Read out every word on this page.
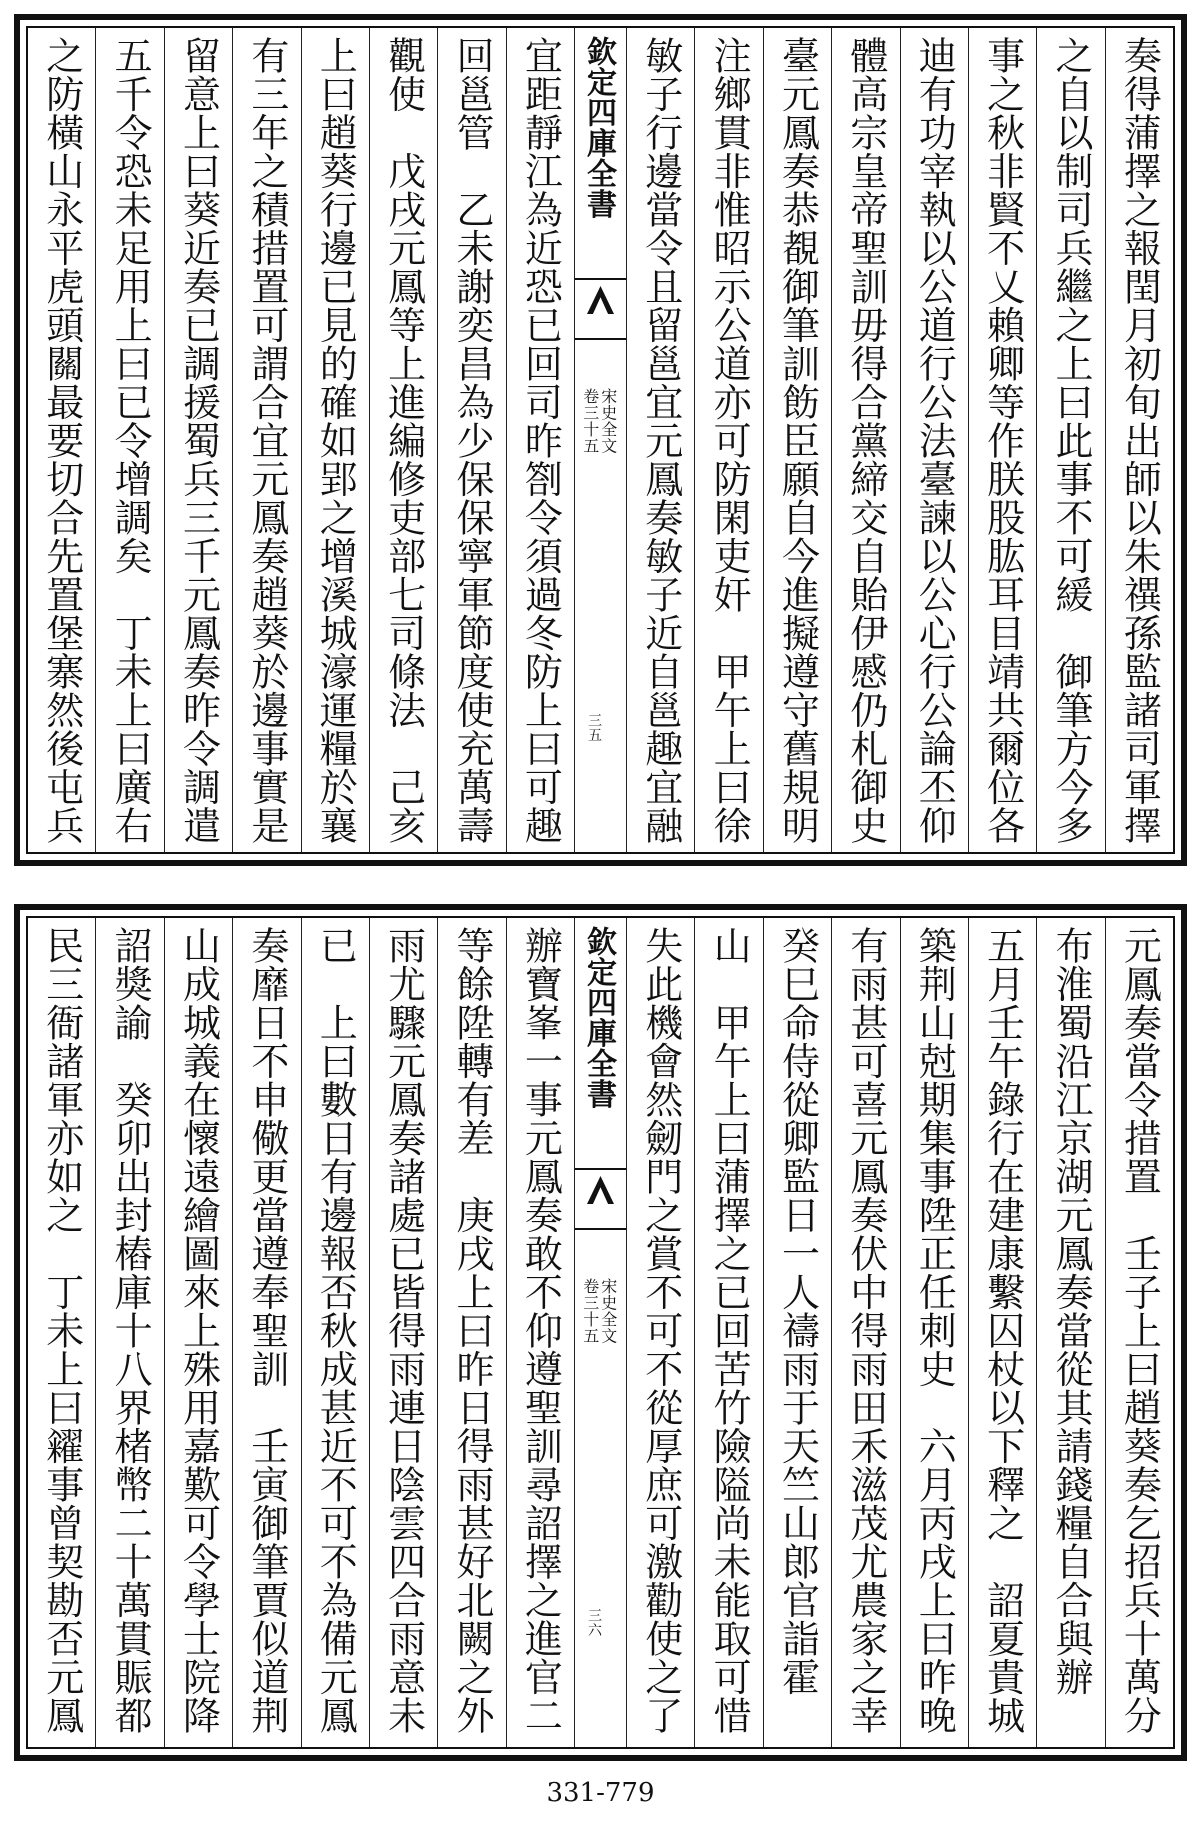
奏得蒲擇之報閏月初旬出師以朱禩孫監諸司軍擇
之自以制司兵繼之上曰此事不可緩　御筆方今多
事之秋非賢不乂賴卿等作朕股肱耳目靖共爾位各
迪有功宰執以公道行公法臺諫以公心行公論丕仰
體高宗皇帝聖訓毋得合黨締交自貽伊慼仍札御史
臺元鳳奏恭覩御筆訓飭臣願自今進擬遵守舊規明
注鄉貫非惟昭示公道亦可防閑吏奸　甲午上曰徐
敏子行邊當令且留邕宜元鳳奏敏子近自邕趣宜融
欽定四庫全書
宋史全文
卷三十五
三五
宜距靜江為近恐已回司昨劄令須過冬防上曰可趣
回邕管　乙未謝奕昌為少保保寧軍節度使充萬壽
觀使　戊戌元鳳等上進編修吏部七司條法　己亥
上曰趙葵行邊已見的確如郢之增溪城濠運糧於襄
有三年之積措置可謂合宜元鳳奏趙葵於邊事實是
留意上曰葵近奏已調援蜀兵三千元鳳奏昨令調遣
五千令恐未足用上曰已令增調矣　丁未上曰廣右
之防橫山永平虎頭關最要切合先置堡寨然後屯兵
元鳳奏當令措置　壬子上曰趙葵奏乞招兵十萬分
布淮蜀沿江京湖元鳳奏當從其請錢糧自合與辦
五月壬午錄行在建康繫囚杖以下釋之　詔夏貴城
築荆山尅期集事陞正任刺史　六月丙戌上曰昨晚
有雨甚可喜元鳳奏伏中得雨田禾滋茂尤農家之幸
癸巳命侍從卿監日一人禱雨于天竺山郎官詣霍
山　甲午上曰蒲擇之已回苦竹險隘尚未能取可惜
失此機會然劒門之賞不可不從厚庶可激勸使之了
欽定四庫全書
宋史全文
卷三十五
三六
辦寶峯一事元鳳奏敢不仰遵聖訓尋詔擇之進官二
等餘陞轉有差　庚戌上曰昨日得雨甚好北闕之外
雨尤驟元鳳奏諸處已皆得雨連日陰雲四合雨意未
已　上曰數日有邊報否秋成甚近不可不為備元鳳
奏靡日不申儆更當遵奉聖訓　壬寅御筆賈似道荆
山成城義在懷遠繪圖來上殊用嘉歎可令學士院降
詔獎諭　癸卯出封樁庫十八界楮幣二十萬貫賑都
民三衙諸軍亦如之　丁未上曰糴事曾契勘否元鳳
331-779
